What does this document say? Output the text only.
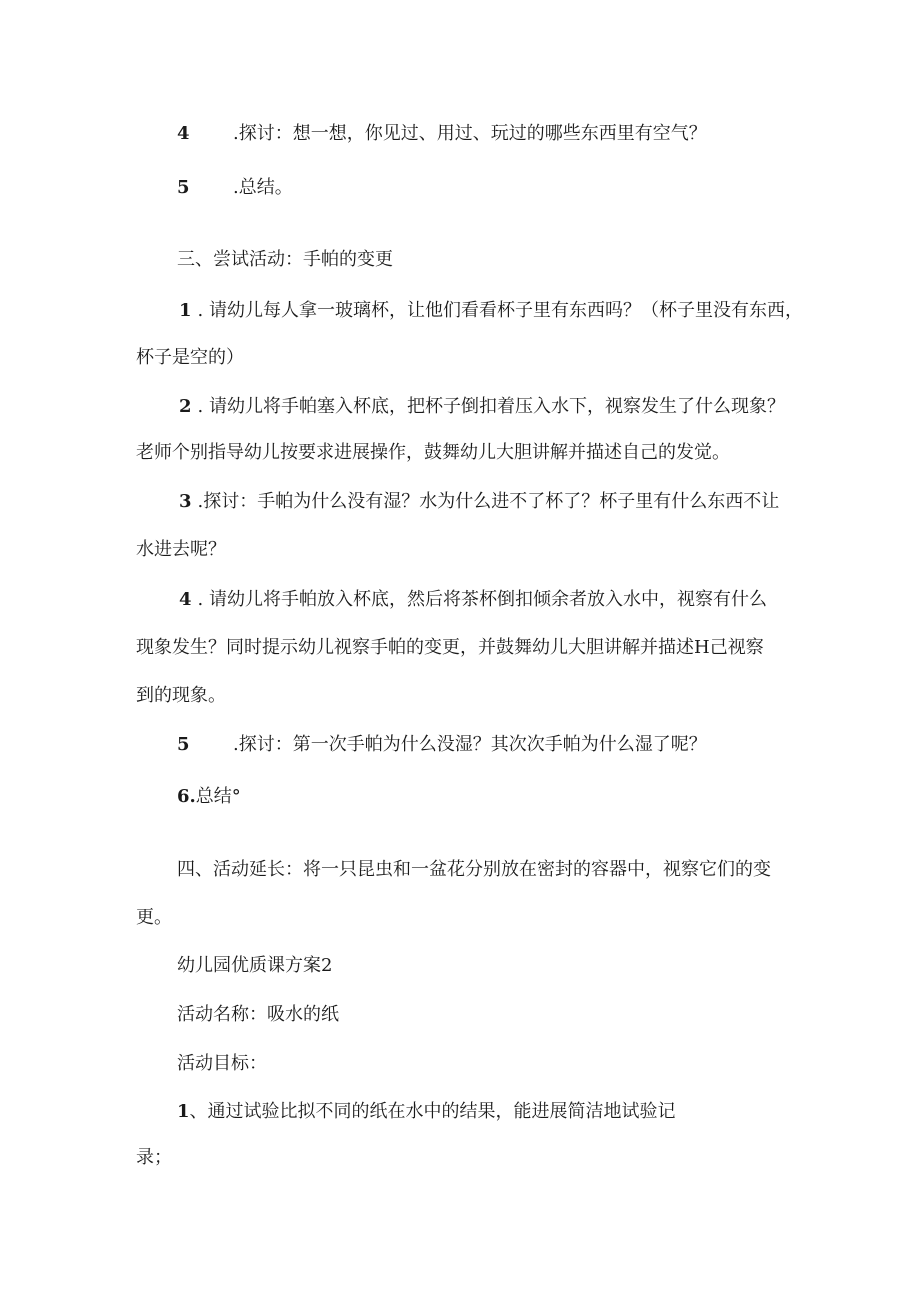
4 .探讨：想一想，你见过、用过、玩过的哪些东西里有空气？
5 .总结。
三、尝试活动：手帕的变更
1 . 请幼儿每人拿一玻璃杯，让他们看看杯子里有东西吗？（杯子里没有东西，
杯子是空的）
2 . 请幼儿将手帕塞入杯底，把杯子倒扣着压入水下，视察发生了什么现象？
老师个别指导幼儿按要求进展操作，鼓舞幼儿大胆讲解并描述自己的发觉。
3 .探讨：手帕为什么没有湿？水为什么进不了杯了？杯子里有什么东西不让
水进去呢？
4 . 请幼儿将手帕放入杯底，然后将茶杯倒扣倾余者放入水中，视察有什么
现象发生？同时提示幼儿视察手帕的变更，并鼓舞幼儿大胆讲解并描述H己视察
到的现象。
5 .探讨：第一次手帕为什么没湿？其次次手帕为什么湿了呢？
6.总结°
四、活动延长：将一只昆虫和一盆花分别放在密封的容器中，视察它们的变
更。
幼儿园优质课方案2
活动名称：吸水的纸
活动目标：
1、通过试验比拟不同的纸在水中的结果，能进展简洁地试验记
录；
